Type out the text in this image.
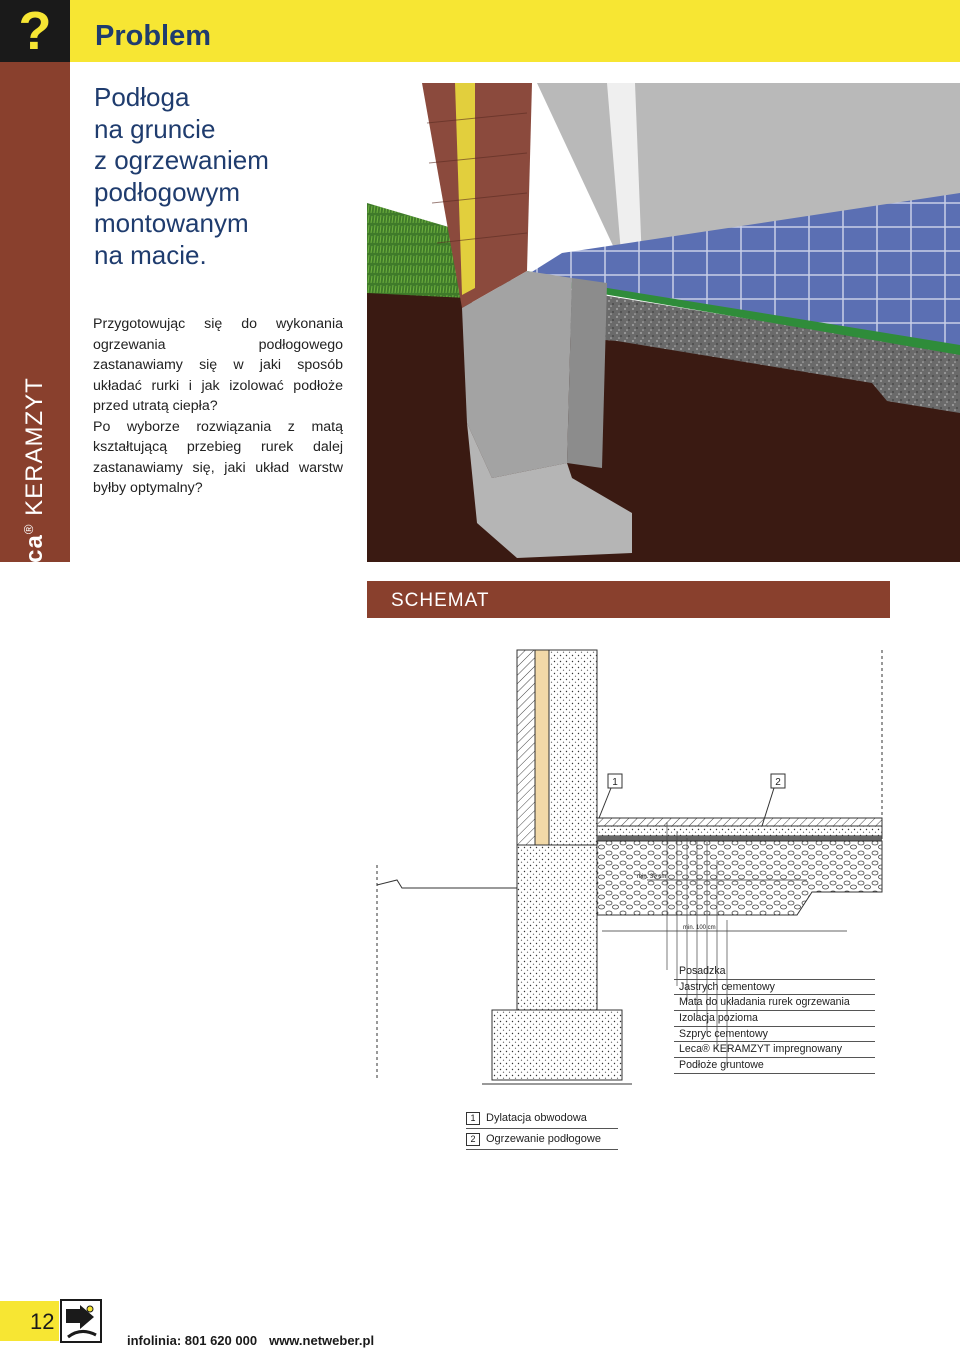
?	Problem
Leca® KERAMZYT
Podłoga
na gruncie
z ogrzewaniem
podłogowym
montowanym
na macie.

Przygotowując się do wykonania ogrzewania podłogowego zastanawiamy się w jaki sposób układać rurki i jak izolować podłoże przed utratą ciepła?

Po wyborze rozwiązania z matą kształtującą przebieg rurek dalej zastanawiamy się, jaki układ warstw byłby optymalny?

SCHEMAT
min. 30 cm
min. 100 cm
1	2
Posadzka
Jastrych cementowy
Mata do układania rurek ogrzewania
Izolacja pozioma
Szpryc cementowy
Leca® KERAMZYT impregnowany
Podłoże gruntowe
1 Dylatacja obwodowa
2 Ogrzewanie podłogowe
12
infolinia: 801 620 000 www.netweber.pl
